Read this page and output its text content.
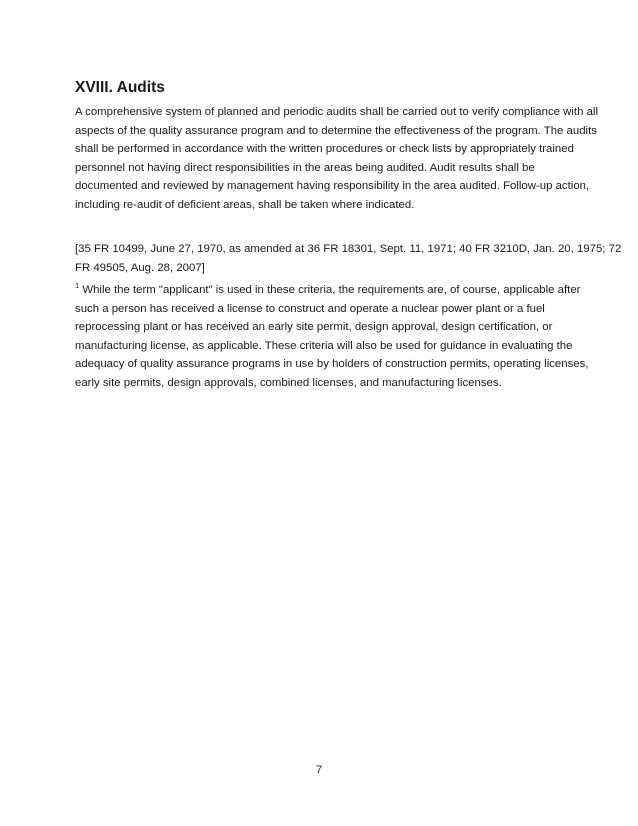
XVIII. Audits
A comprehensive system of planned and periodic audits shall be carried out to verify compliance with all
aspects of the quality assurance program and to determine the effectiveness of the program. The audits
shall be performed in accordance with the written procedures or check lists by appropriately trained
personnel not having direct responsibilities in the areas being audited. Audit results shall be
documented and reviewed by management having responsibility in the area audited. Follow-up action,
including re-audit of deficient areas, shall be taken where indicated.
[35 FR 10499, June 27, 1970, as amended at 36 FR 18301, Sept. 11, 1971; 40 FR 3210D, Jan. 20, 1975; 72
FR 49505, Aug. 28, 2007]
$^1$ While the term "applicant" is used in these criteria, the requirements are, of course, applicable after
such a person has received a license to construct and operate a nuclear power plant or a fuel
reprocessing plant or has received an early site permit, design approval, design certification, or
manufacturing license, as applicable. These criteria will also be used for guidance in evaluating the
adequacy of quality assurance programs in use by holders of construction permits, operating licenses,
early site permits, design approvals, combined licenses, and manufacturing licenses.
7
